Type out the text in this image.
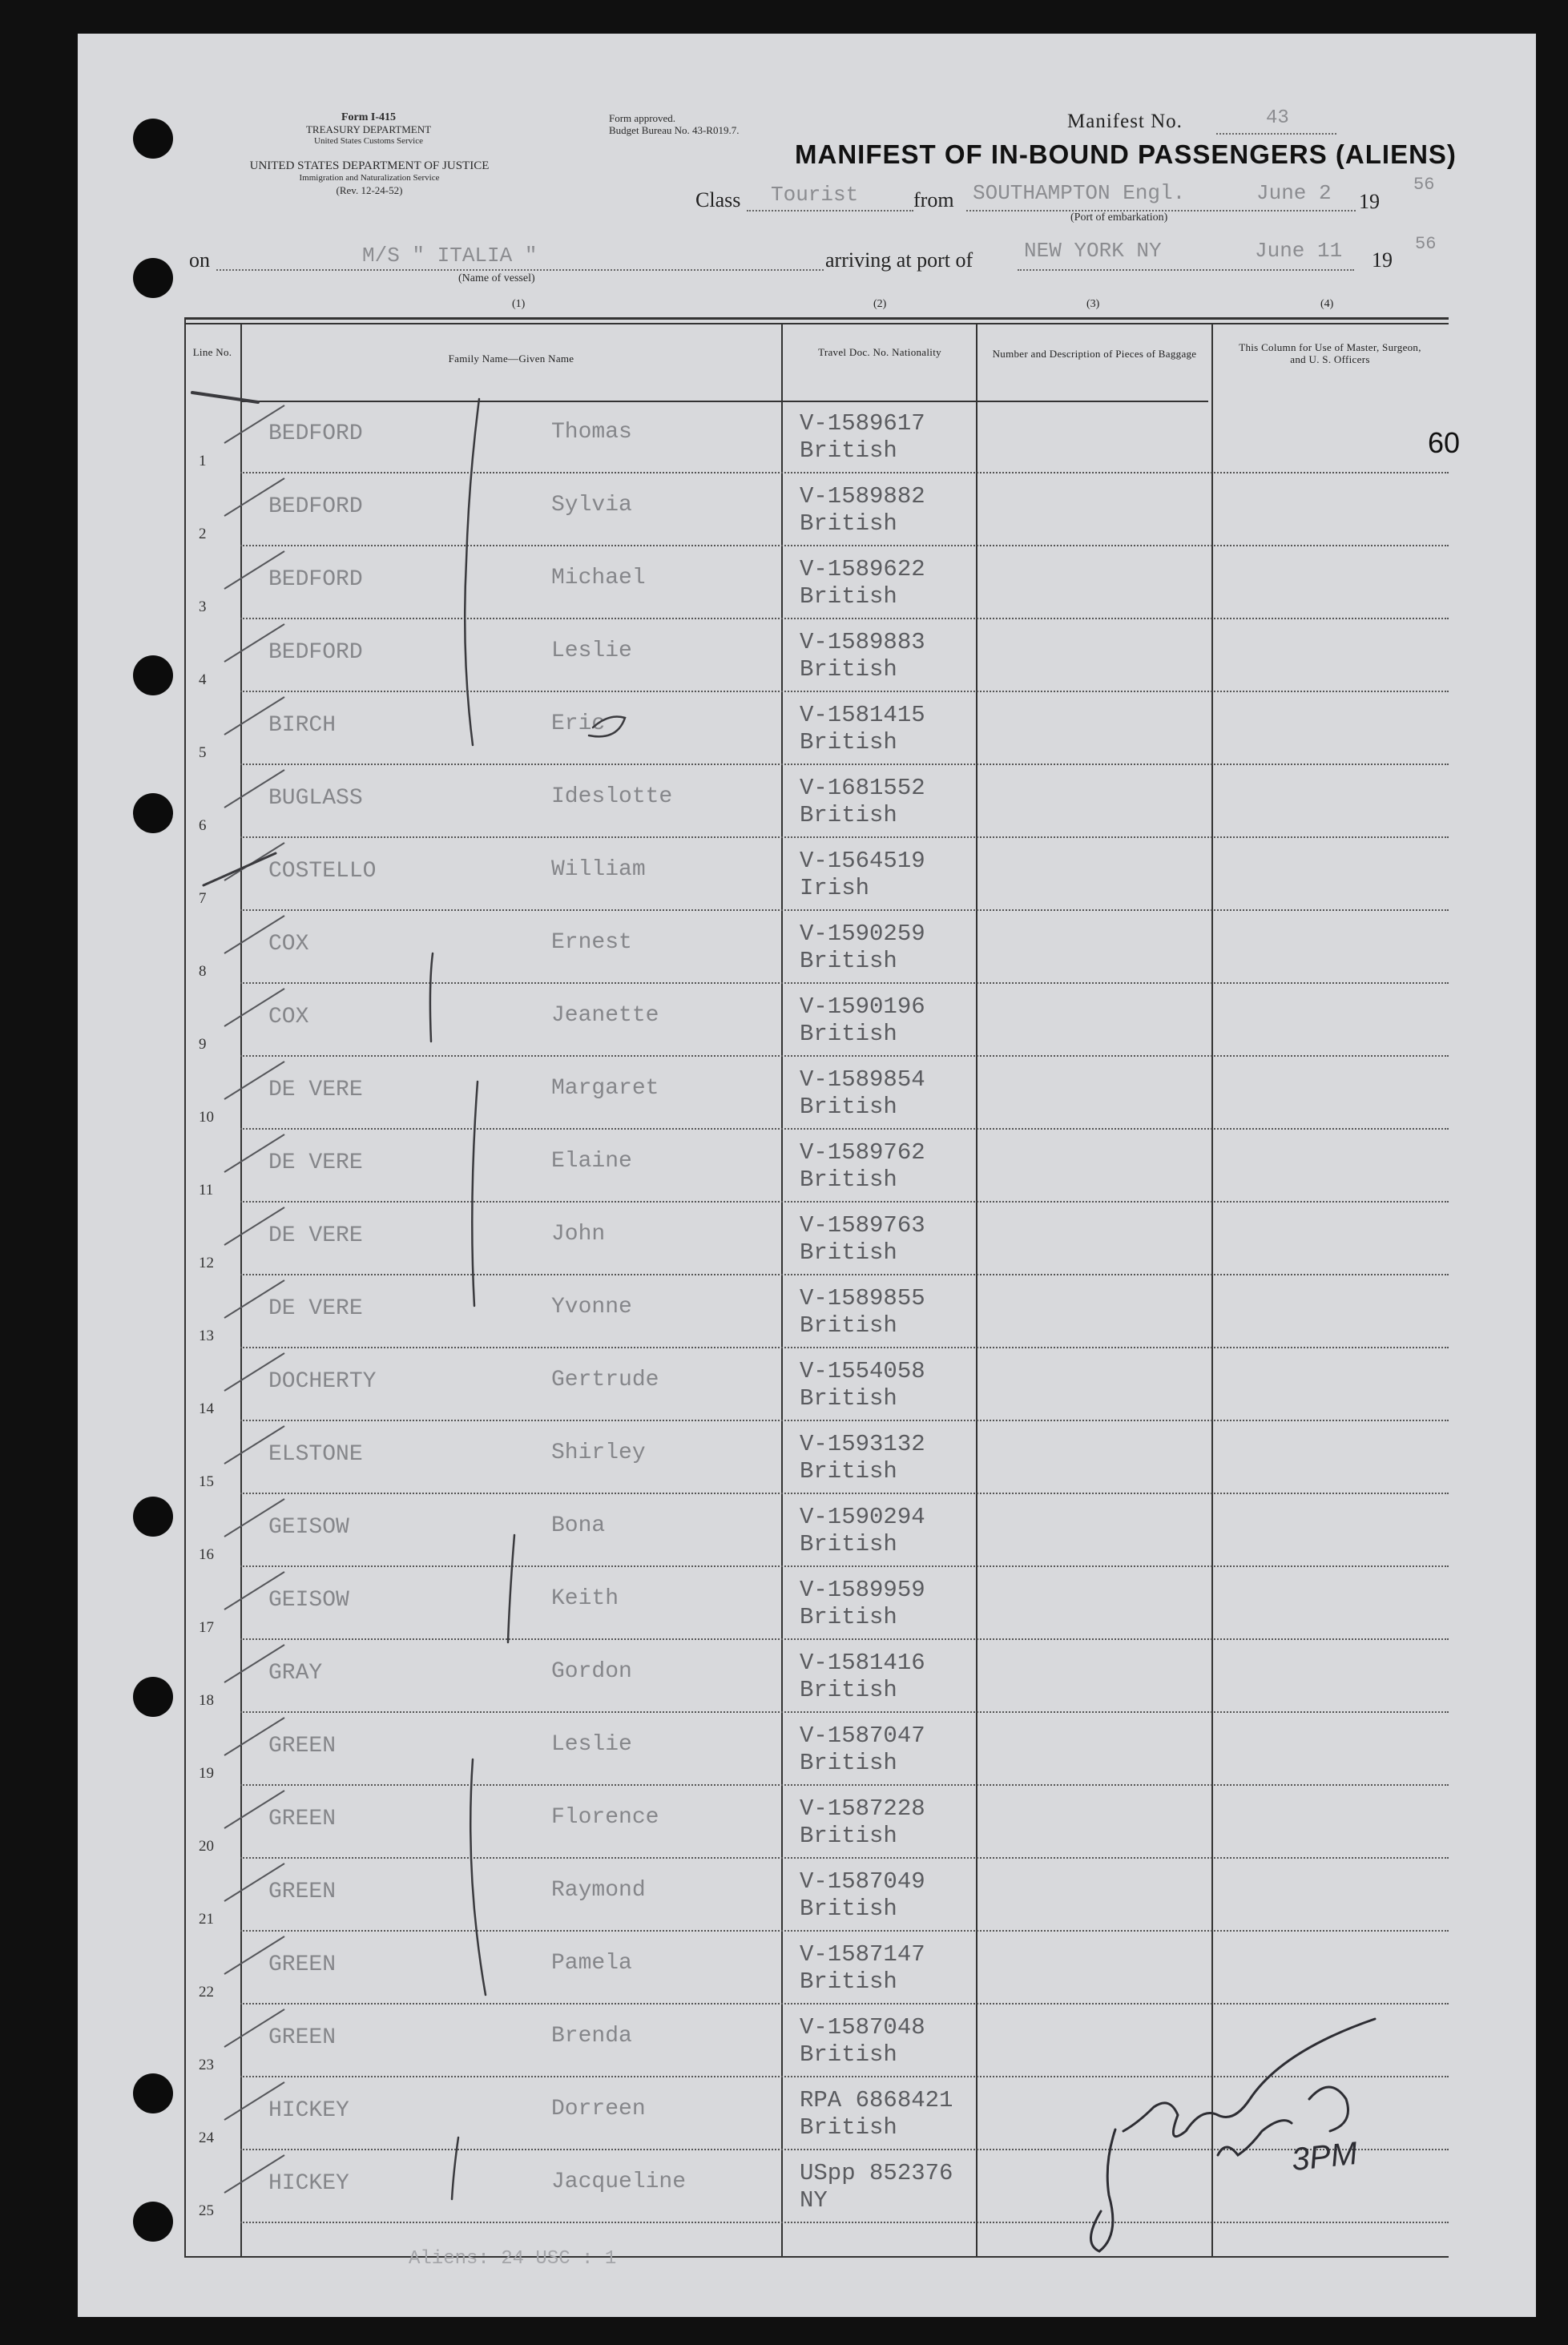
Form I-415
TREASURY DEPARTMENT
United States Customs Service
UNITED STATES DEPARTMENT OF JUSTICE
Immigration and Naturalization Service
(Rev. 12-24-52)
Form approved.
Budget Bureau No. 43-R019.7.	Manifest No.	43
MANIFEST OF IN-BOUND PASSENGERS (ALIENS)
Class Tourist	from SOUTHAMPTON Engl.	June 2 19
56
(Port of embarkation)
on	M/S " ITALIA "
(Name of vessel)
arriving at port of NEW YORK NY	June 11 19
56
(1)	(2)	(3)	(4)
Line No.
Family Name—Given Name
Travel Doc. No. Nationality	Number and Description of Pieces of Baggage
This Column for Use of Master, Surgeon, and U. S. Officers
60
1
BEDFORD	Thomas	V-1589617
British
2
BEDFORD	Sylvia	V-1589882
British
3
BEDFORD	Michael	V-1589622
British
4
BEDFORD	Leslie	V-1589883
British
5
BIRCH	Eric	V-1581415
British
6
BUGLASS	Ideslotte	V-1681552
British
7
COSTELLO	William	V-1564519
Irish
8
COX	Ernest	V-1590259
British
9
COX	Jeanette	V-1590196
British
10
DE VERE	Margaret	V-1589854
British
11
DE VERE	Elaine	V-1589762
British
12
DE VERE	John	V-1589763
British
13
DE VERE	Yvonne	V-1589855
British
14
DOCHERTY	Gertrude	V-1554058
British
15
ELSTONE	Shirley	V-1593132
British
16
GEISOW	Bona	V-1590294
British
17
GEISOW	Keith	V-1589959
British
18
GRAY	Gordon	V-1581416
British
19
GREEN	Leslie	V-1587047
British
20
GREEN	Florence	V-1587228
British
21
GREEN	Raymond	V-1587049
British
22
GREEN	Pamela	V-1587147
British
23
GREEN	Brenda	V-1587048
British
24
HICKEY	Dorreen	RPA 6868421
British
25
HICKEY	Jacqueline	USpp 852376
NY
Aliens: 24 USC : 1
3PM
